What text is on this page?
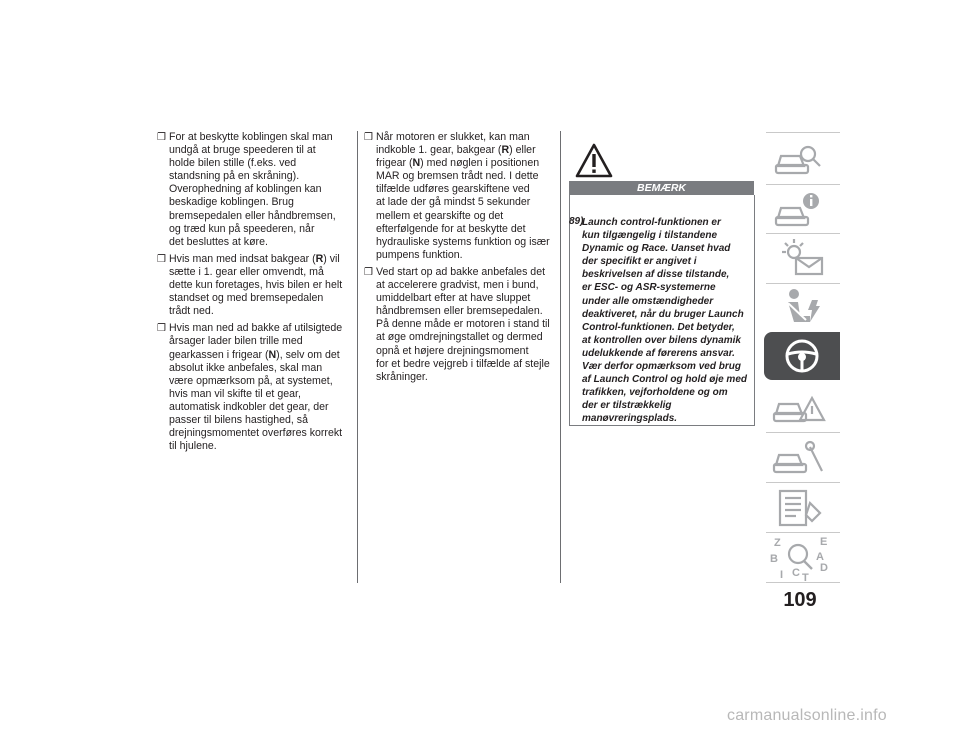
❒ For at beskytte koblingen skal man
undgå at bruge speederen til at
holde bilen stille (f.eks. ved
standsning på en skråning).
Overophedning af koblingen kan
beskadige koblingen. Brug
bremsepedalen eller håndbremsen,
og træd kun på speederen, når
det besluttes at køre.
❒ Hvis man med indsat bakgear (R) vil
sætte i 1. gear eller omvendt, må
dette kun foretages, hvis bilen er helt
standset og med bremsepedalen
trådt ned.
❒ Hvis man ned ad bakke af utilsigtede
årsager lader bilen trille med
gearkassen i frigear (N), selv om det
absolut ikke anbefales, skal man
være opmærksom på, at systemet,
hvis man vil skifte til et gear,
automatisk indkobler det gear, der
passer til bilens hastighed, så
drejningsmomentet overføres korrekt
til hjulene.
❒ Når motoren er slukket, kan man
indkoble 1. gear, bakgear (R) eller
frigear (N) med nøglen i positionen
MAR og bremsen trådt ned. I dette
tilfælde udføres gearskiftene ved
at lade der gå mindst 5 sekunder
mellem et gearskifte og det
efterfølgende for at beskytte det
hydrauliske systems funktion og især
pumpens funktion.
❒ Ved start op ad bakke anbefales det
at accelerere gradvist, men i bund,
umiddelbart efter at have sluppet
håndbremsen eller bremsepedalen.
På denne måde er motoren i stand til
at øge omdrejningstallet og dermed
opnå et højere drejningsmoment
for et bedre vejgreb i tilfælde af stejle
skråninger.
BEMÆRK
89)
Launch control-funktionen er
kun tilgængelig i tilstandene
Dynamic og Race. Uanset hvad
der specifikt er angivet i
beskrivelsen af disse tilstande,
er ESC- og ASR-systemerne
under alle omstændigheder
deaktiveret, når du bruger Launch
Control-funktionen. Det betyder,
at kontrollen over bilens dynamik
udelukkende af førerens ansvar.
Vær derfor opmærksom ved brug
af Launch Control og hold øje med
trafikken, vejforholdene og om
der er tilstrækkelig
manøvreringsplads.
Z	E
B	A
I C D
T
109
carmanualsonline.info
